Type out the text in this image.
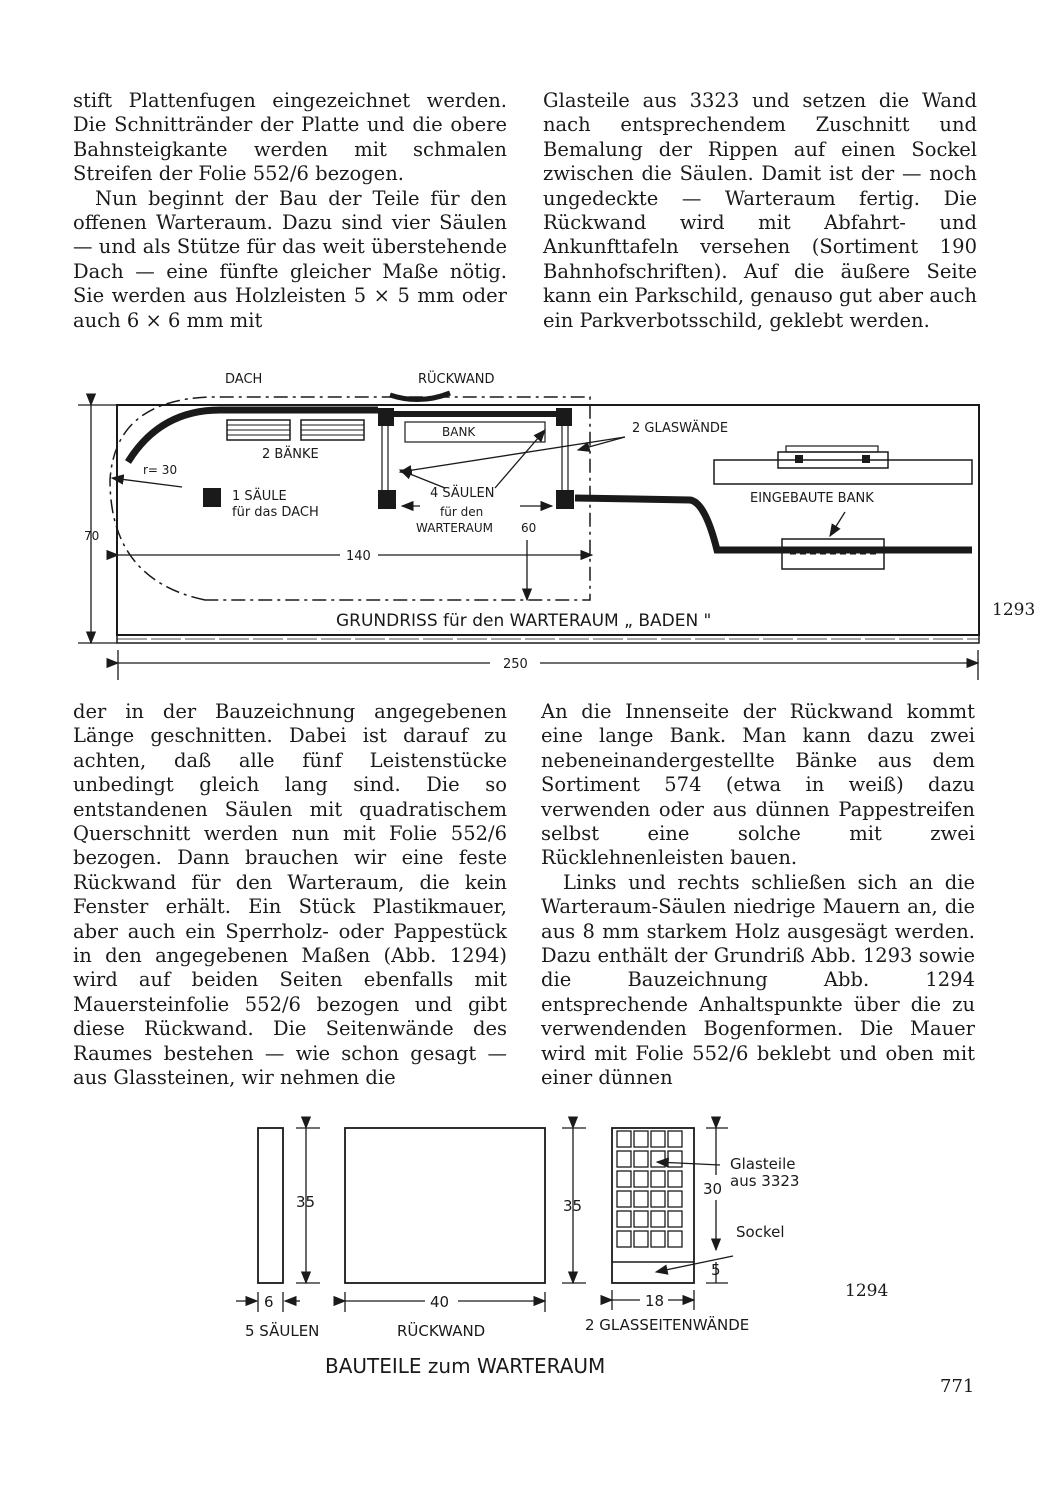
stift Plattenfugen eingezeichnet werden. Die Schnittränder der Platte und die obere Bahnsteigkante werden mit schmalen Streifen der Folie 552/6 bezogen.

Nun beginnt der Bau der Teile für den offenen Warteraum. Dazu sind vier Säulen — und als Stütze für das weit überstehende Dach — eine fünfte gleicher Maße nötig. Sie werden aus Holzleisten 5 × 5 mm oder auch 6 × 6 mm mit

Glasteile aus 3323 und setzen die Wand nach entsprechendem Zuschnitt und Bemalung der Rippen auf einen Sockel zwischen die Säulen. Damit ist der — noch ungedeckte — Warteraum fertig. Die Rückwand wird mit Abfahrt- und Ankunfttafeln versehen (Sortiment 190 Bahnhofschriften). Auf die äußere Seite kann ein Parkschild, genauso gut aber auch ein Parkverbotsschild, geklebt werden.

DACH	RÜCKWAND
BANK	2 GLASWÄNDE
2 BÄNKE
r= 30
1 SÄULE
für das DACH
4 SÄULEN
für den
WARTERAUM
EINGEBAUTE BANK
70
140
60
250
GRUNDRISS für den WARTERAUM „ BADEN "
1293

der in der Bauzeichnung angegebenen Länge geschnitten. Dabei ist darauf zu achten, daß alle fünf Leistenstücke unbedingt gleich lang sind. Die so entstandenen Säulen mit quadratischem Querschnitt werden nun mit Folie 552/6 bezogen. Dann brauchen wir eine feste Rückwand für den Warteraum, die kein Fenster erhält. Ein Stück Plastikmauer, aber auch ein Sperrholz- oder Pappestück in den angegebenen Maßen (Abb. 1294) wird auf beiden Seiten ebenfalls mit Mauersteinfolie 552/6 bezogen und gibt diese Rückwand. Die Seitenwände des Raumes bestehen — wie schon gesagt — aus Glassteinen, wir nehmen die

An die Innenseite der Rückwand kommt eine lange Bank. Man kann dazu zwei nebeneinandergestellte Bänke aus dem Sortiment 574 (etwa in weiß) dazu verwenden oder aus dünnen Pappestreifen selbst eine solche mit zwei Rücklehnenleisten bauen.

Links und rechts schließen sich an die Warteraum-Säulen niedrige Mauern an, die aus 8 mm starkem Holz ausgesägt werden. Dazu enthält der Grundriß Abb. 1293 sowie die Bauzeichnung Abb. 1294 entsprechende Anhaltspunkte über die zu verwendenden Bogenformen. Die Mauer wird mit Folie 552/6 beklebt und oben mit einer dünnen

35	35
30
5
6	40	18
Glasteile
aus 3323
Sockel
5 SÄULEN	RÜCKWAND	2 GLASSEITENWÄNDE
BAUTEILE zum WARTERAUM
1294
771
